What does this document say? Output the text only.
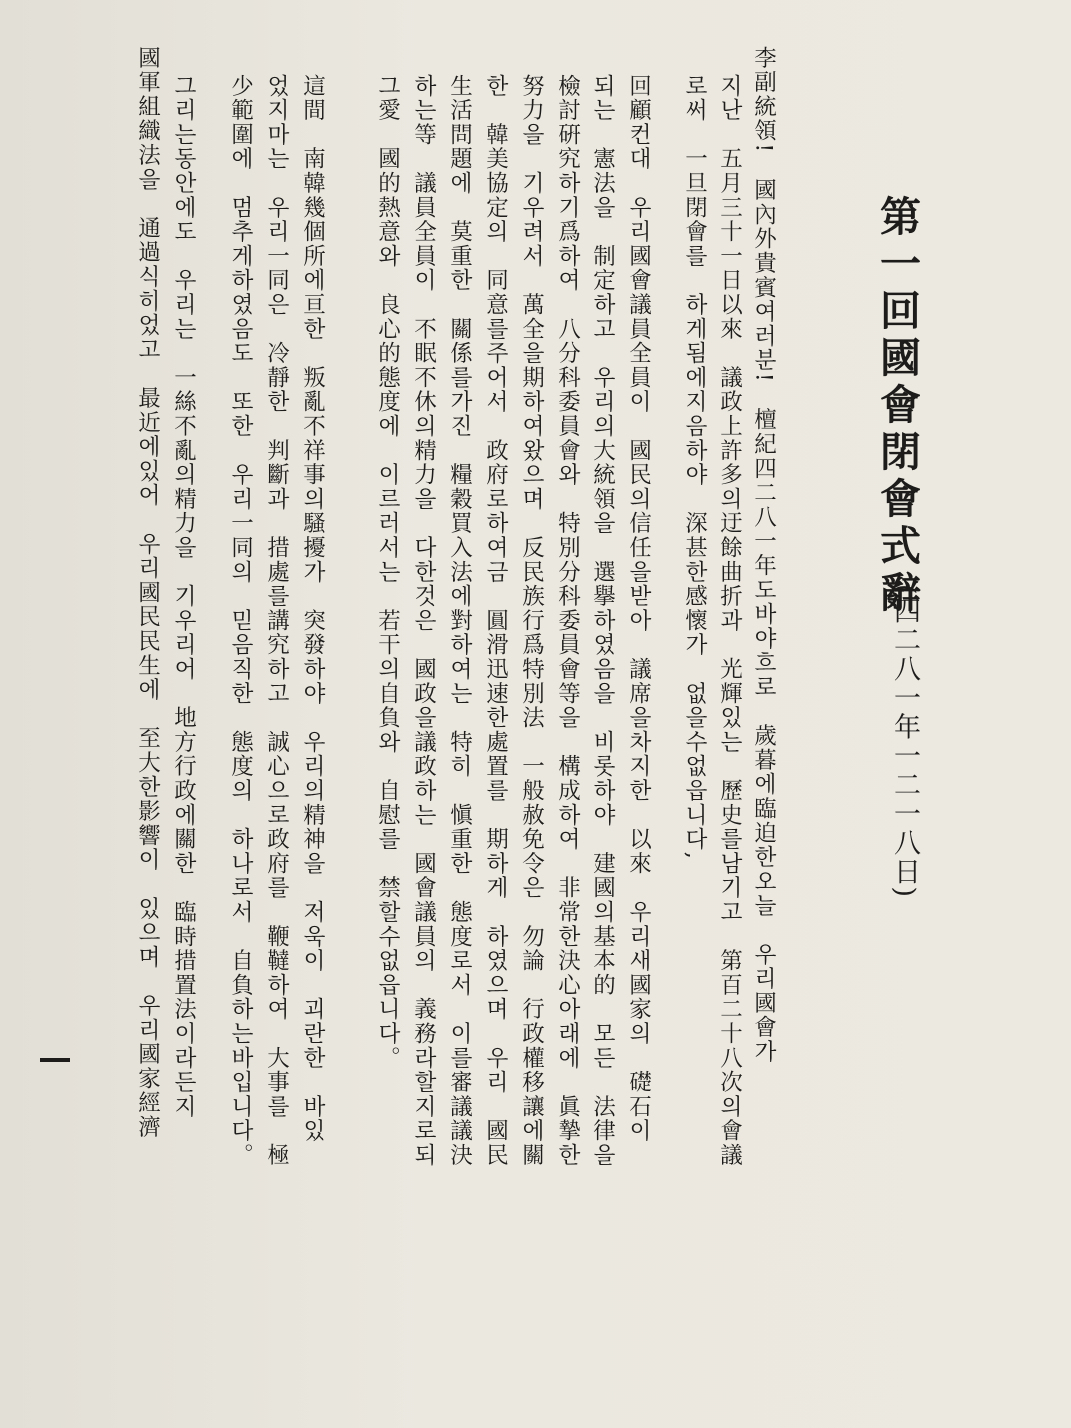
第一回國會閉會式辭
(四二八一年一二一八日)
李副統領!　國內外貴賓여러분!　檀紀四二八一年도바야흐로　歲暮에臨迫한오늘　우리國會가
지난　五月三十一日以來　議政上許多의迂餘曲折과　光輝있는　歷史를남기고　第百二十八次의會議
로써　一旦閉會를　하게됨에지음하야　深甚한感懷가　없을수없읍니다,
回顧컨대　우리國會議員全員이　國民의信任을받아　議席을차지한　以來　우리새國家의　礎石이
되는　憲法을　制定하고　우리의大統領을　選擧하였음을　비롯하야　建國의基本的　모든　法律을
檢討硏究하기爲하여　八分科委員會와　特別分科委員會等을　構成하여　非常한決心아래에　眞摯한
努力을　기우려서　萬全을期하여왔으며　反民族行爲特別法　一般赦免令은　勿論　行政權移讓에關
한　韓美協定의　同意를주어서　政府로하여금　圓滑迅速한處置를　期하게　하였으며　우리　國民
生活問題에　莫重한　關係를가진　糧穀買入法에對하여는　特히　愼重한　態度로서　이를審議議決
하는等　議員全員이　不眠不休의精力을　다한것은　國政을議政하는　國會議員의　義務라할지로되
그愛　國的熱意와　良心的態度에　이르러서는　若干의自負와　自慰를　禁할수없읍니다。
這間　南韓幾個所에亘한　叛亂不祥事의騷擾가　突發하야　우리의精神을　저욱이　괴란한　바있
었지마는　우리一同은　冷靜한　判斷과　措處를講究하고　誠心으로政府를　鞭韃하여　大事를　極
少範圍에　멈추게하였음도　또한　우리一同의　믿음직한　態度의　하나로서　自負하는바입니다。
그리는동안에도　우리는　一絲不亂의精力을　기우리어　地方行政에關한　臨時措置法이라든지
國軍組織法을　通過식히었고　最近에있어　우리國民民生에　至大한影響이　있으며　우리國家經濟
